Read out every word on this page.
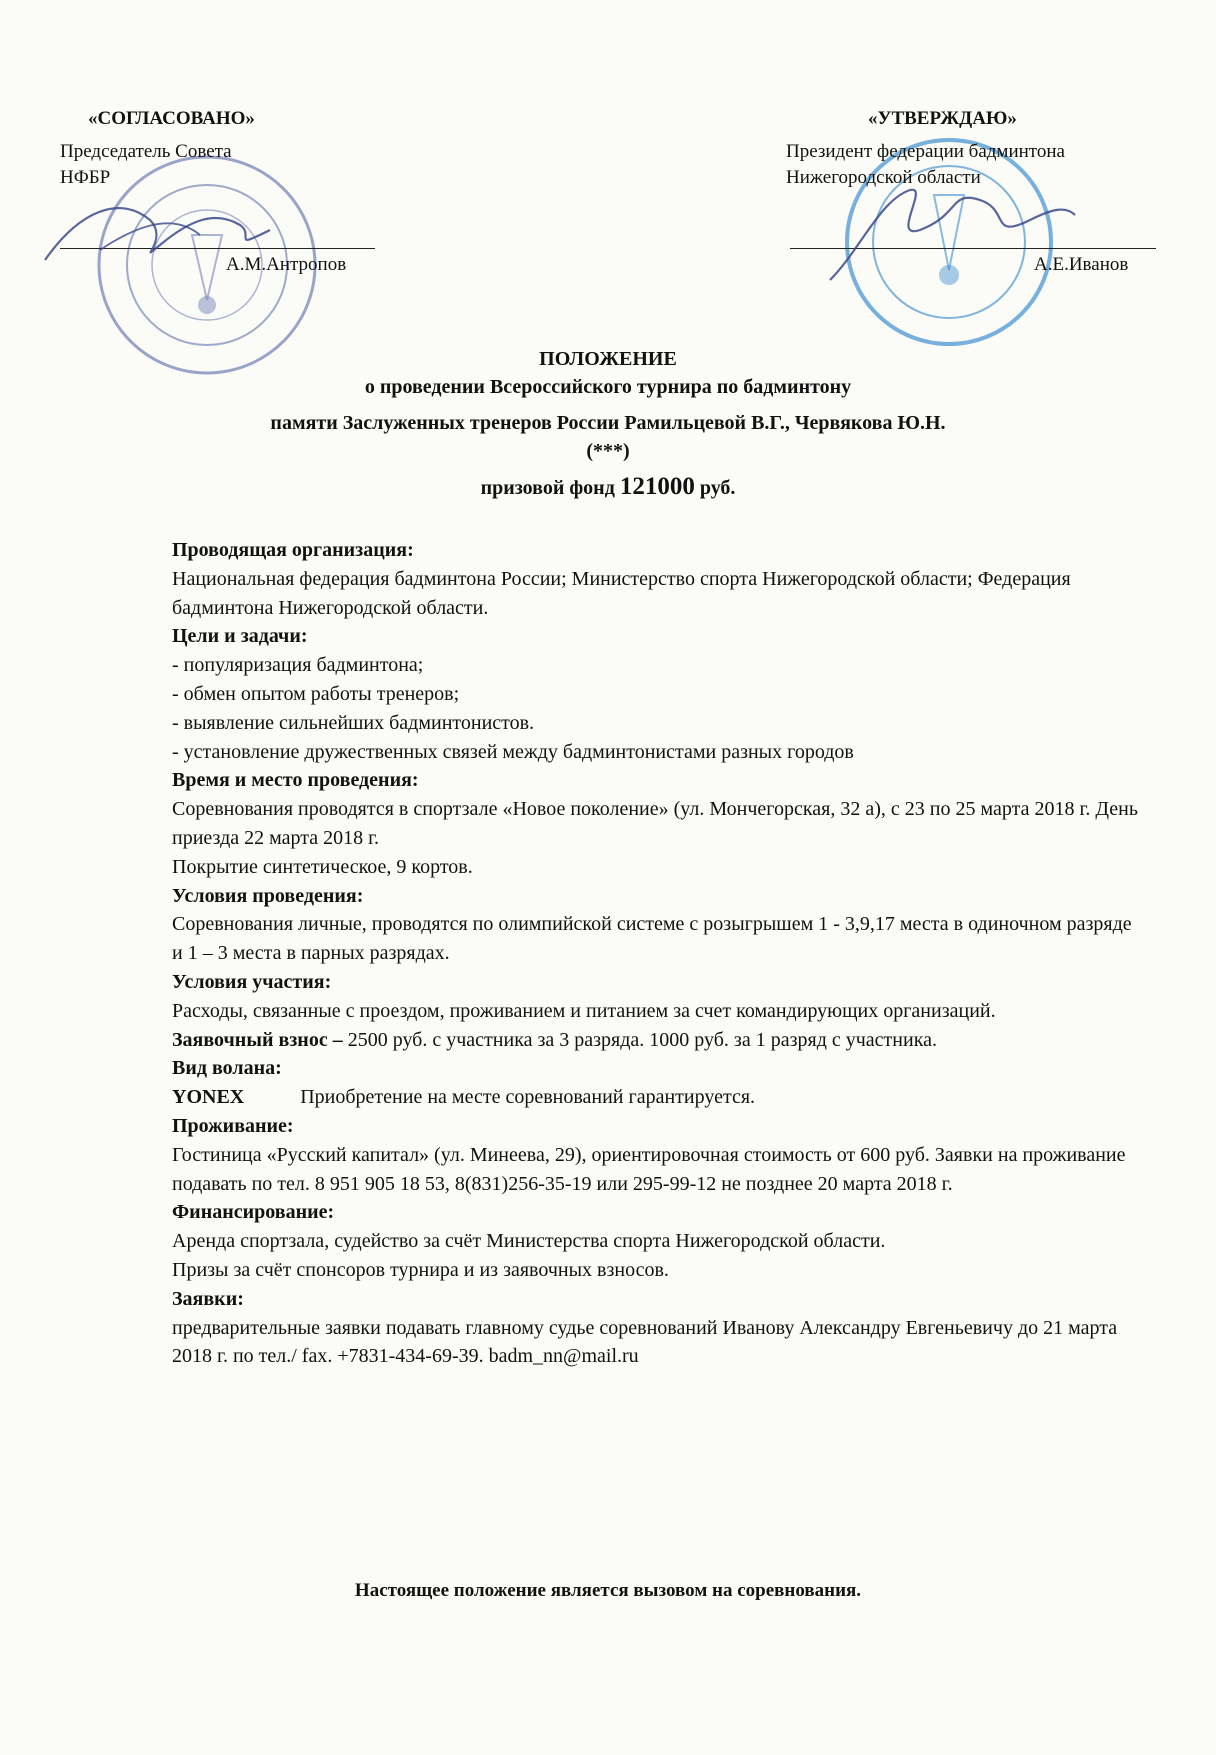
«СОГЛАСОВАНО»
Председатель Совета
НФБР
А.М.Антропов
«УТВЕРЖДАЮ»
Президент федерации бадминтона
Нижегородской области
А.Е.Иванов
ПОЛОЖЕНИЕ
о проведении Всероссийского турнира по бадминтону
памяти Заслуженных тренеров России Рамильцевой В.Г., Червякова Ю.Н.
(***)
призовой фонд 121000 руб.
Проводящая организация:
Национальная федерация бадминтона России; Министерство спорта Нижегородской области; Федерация бадминтона Нижегородской области.
Цели и задачи:
- популяризация бадминтона;
- обмен опытом работы тренеров;
- выявление сильнейших бадминтонистов.
- установление дружественных связей между бадминтонистами разных городов
Время и место проведения:
Соревнования проводятся в спортзале «Новое поколение» (ул. Мончегорская, 32 а), с 23 по 25 марта 2018 г. День приезда 22 марта 2018 г.
Покрытие синтетическое, 9 кортов.
Условия проведения:
Соревнования личные, проводятся по олимпийской системе с розыгрышем 1 - 3,9,17 места в одиночном разряде и 1 – 3 места в парных разрядах.
Условия участия:
Расходы, связанные с проездом, проживанием и питанием за счет командирующих организаций.
Заявочный взнос – 2500 руб. с участника за 3 разряда. 1000 руб. за 1 разряд с участника.
Вид волана:
YONEX	Приобретение на месте соревнований гарантируется.
Проживание:
Гостиница «Русский капитал» (ул. Минеева, 29), ориентировочная стоимость от 600 руб. Заявки на проживание подавать по тел. 8 951 905 18 53, 8(831)256-35-19 или 295-99-12 не позднее 20 марта 2018 г.
Финансирование:
Аренда спортзала, судейство за счёт Министерства спорта Нижегородской области.
Призы за счёт спонсоров турнира и из заявочных взносов.
Заявки:
предварительные заявки подавать главному судье соревнований Иванову Александру Евгеньевичу до 21 марта 2018 г. по тел./ fax. +7831-434-69-39. badm_nn@mail.ru
Настоящее положение является вызовом на соревнования.
